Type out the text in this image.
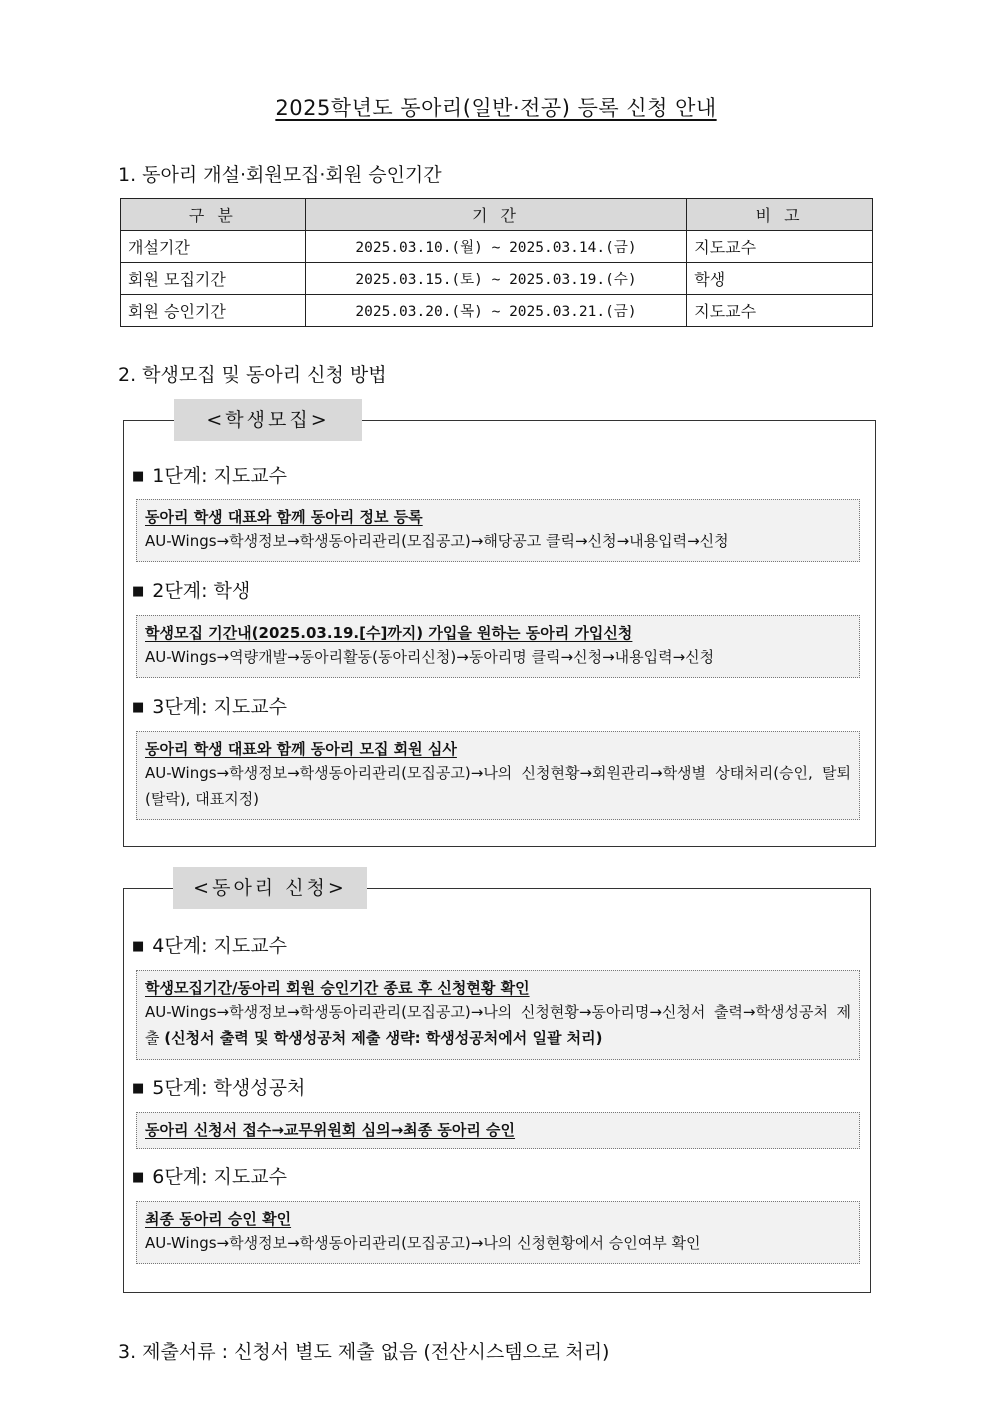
2025학년도 동아리(일반·전공) 등록 신청 안내
1. 동아리 개설·회원모집·회원 승인기간
구 분	기 간	비 고
개설기간	2025.03.10.(월) ~ 2025.03.14.(금)	지도교수
회원 모집기간	2025.03.15.(토) ~ 2025.03.19.(수)	학생
회원 승인기간	2025.03.20.(목) ~ 2025.03.21.(금)	지도교수
2. 학생모집 및 동아리 신청 방법
<학생모집>
■ 1단계: 지도교수
동아리 학생 대표와 함께 동아리 정보 등록
AU-Wings→학생정보→학생동아리관리(모집공고)→해당공고 클릭→신청→내용입력→신청
■ 2단계: 학생
학생모집 기간내(2025.03.19.[수]까지) 가입을 원하는 동아리 가입신청
AU-Wings→역량개발→동아리활동(동아리신청)→동아리명 클릭→신청→내용입력→신청
■ 3단계: 지도교수
동아리 학생 대표와 함께 동아리 모집 회원 심사
AU-Wings→학생정보→학생동아리관리(모집공고)→나의 신청현황→회원관리→학생별 상태처리(승인, 탈퇴(탈락), 대표지정)
<동아리 신청>
■ 4단계: 지도교수
학생모집기간/동아리 회원 승인기간 종료 후 신청현황 확인
AU-Wings→학생정보→학생동아리관리(모집공고)→나의 신청현황→동아리명→신청서 출력→학생성공처 제출 (신청서 출력 및 학생성공처 제출 생략: 학생성공처에서 일괄 처리)
■ 5단계: 학생성공처
동아리 신청서 접수→교무위원회 심의→최종 동아리 승인
■ 6단계: 지도교수
최종 동아리 승인 확인
AU-Wings→학생정보→학생동아리관리(모집공고)→나의 신청현황에서 승인여부 확인
3. 제출서류 : 신청서 별도 제출 없음 (전산시스템으로 처리)
